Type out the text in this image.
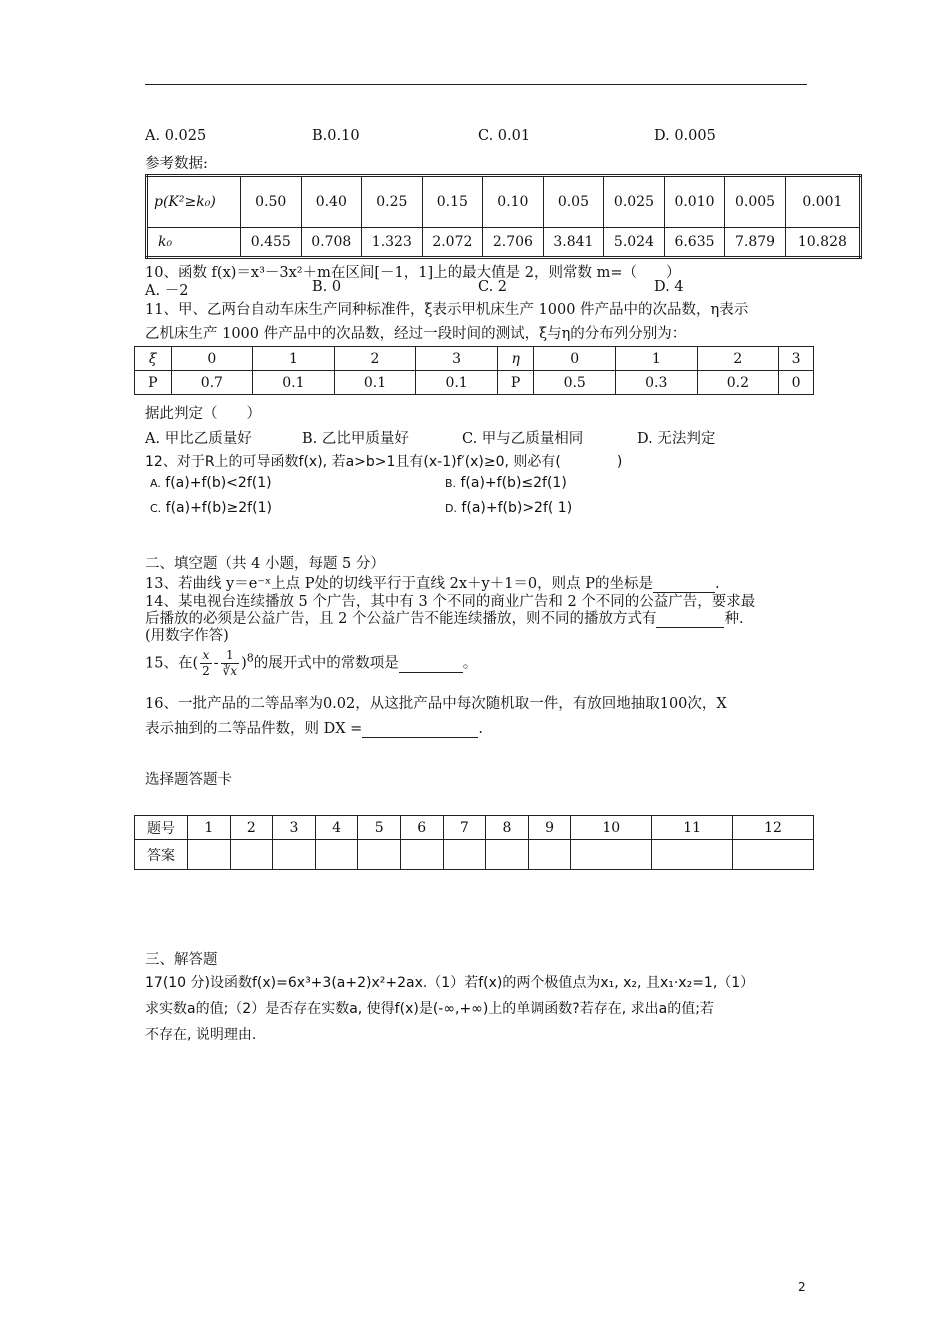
A. 0.025	B.0.10	C. 0.01	D. 0.005
参考数据:
p(K²≥k₀)	0.50	0.40	0.25	0.15	0.10	0.05	0.025	0.010	0.005	0.001
k₀	0.455	0.708	1.323	2.072	2.706	3.841	5.024	6.635	7.879	10.828
10、函数 f(x)＝x³－3x²＋m在区间[－1，1]上的最大值是 2，则常数 m=（　　）
A. －2	B. 0	C. 2	D. 4
11、甲、乙两台自动车床生产同种标准件，ξ表示甲机床生产 1000 件产品中的次品数，η表示
乙机床生产 1000 件产品中的次品数，经过一段时间的测试，ξ与η的分布列分别为：
ξ	0	1	2	3	η	0	1	2	3
P	0.7	0.1	0.1	0.1	P	0.5	0.3	0.2	0
据此判定（　　）
A. 甲比乙质量好	B. 乙比甲质量好	C. 甲与乙质量相同	D. 无法判定
12、对于R上的可导函数f(x), 若a>b>1且有(x-1)f′(x)≥0, 则必有(　　　　)
A. f(a)+f(b)<2f(1)	B. f(a)+f(b)≤2f(1)
C. f(a)+f(b)≥2f(1)	D. f(a)+f(b)>2f( 1)
二、填空题（共 4 小题，每题 5 分）
13、若曲线 y＝e⁻ˣ上点 P处的切线平行于直线 2x＋y＋1＝0，则点 P的坐标是	.
14、某电视台连续播放 5 个广告，其中有 3 个不同的商业广告和 2 个不同的公益广告，要求最
后播放的必须是公益广告，且 2 个公益广告不能连续播放，则不同的播放方式有	种.
(用数字作答)
15、在( $\frac{x}{2} - \frac{1}{∛x} )^8$的展开式中的常数项是	。
16、一批产品的二等品率为0.02，从这批产品中每次随机取一件，有放回地抽取100次，X
表示抽到的二等品件数，则 DX =	.
选择题答题卡
题号	1	2	3	4	5	6	7	8	9	10	11	12
答案												
三、解答题
17(10 分)设函数f(x)=6x³+3(a+2)x²+2ax.（1）若f(x)的两个极值点为x₁, x₂, 且x₁·x₂=1,（1）
求实数a的值;（2）是否存在实数a, 使得f(x)是(-∞,+∞)上的单调函数?若存在, 求出a的值;若
不存在, 说明理由.
2
